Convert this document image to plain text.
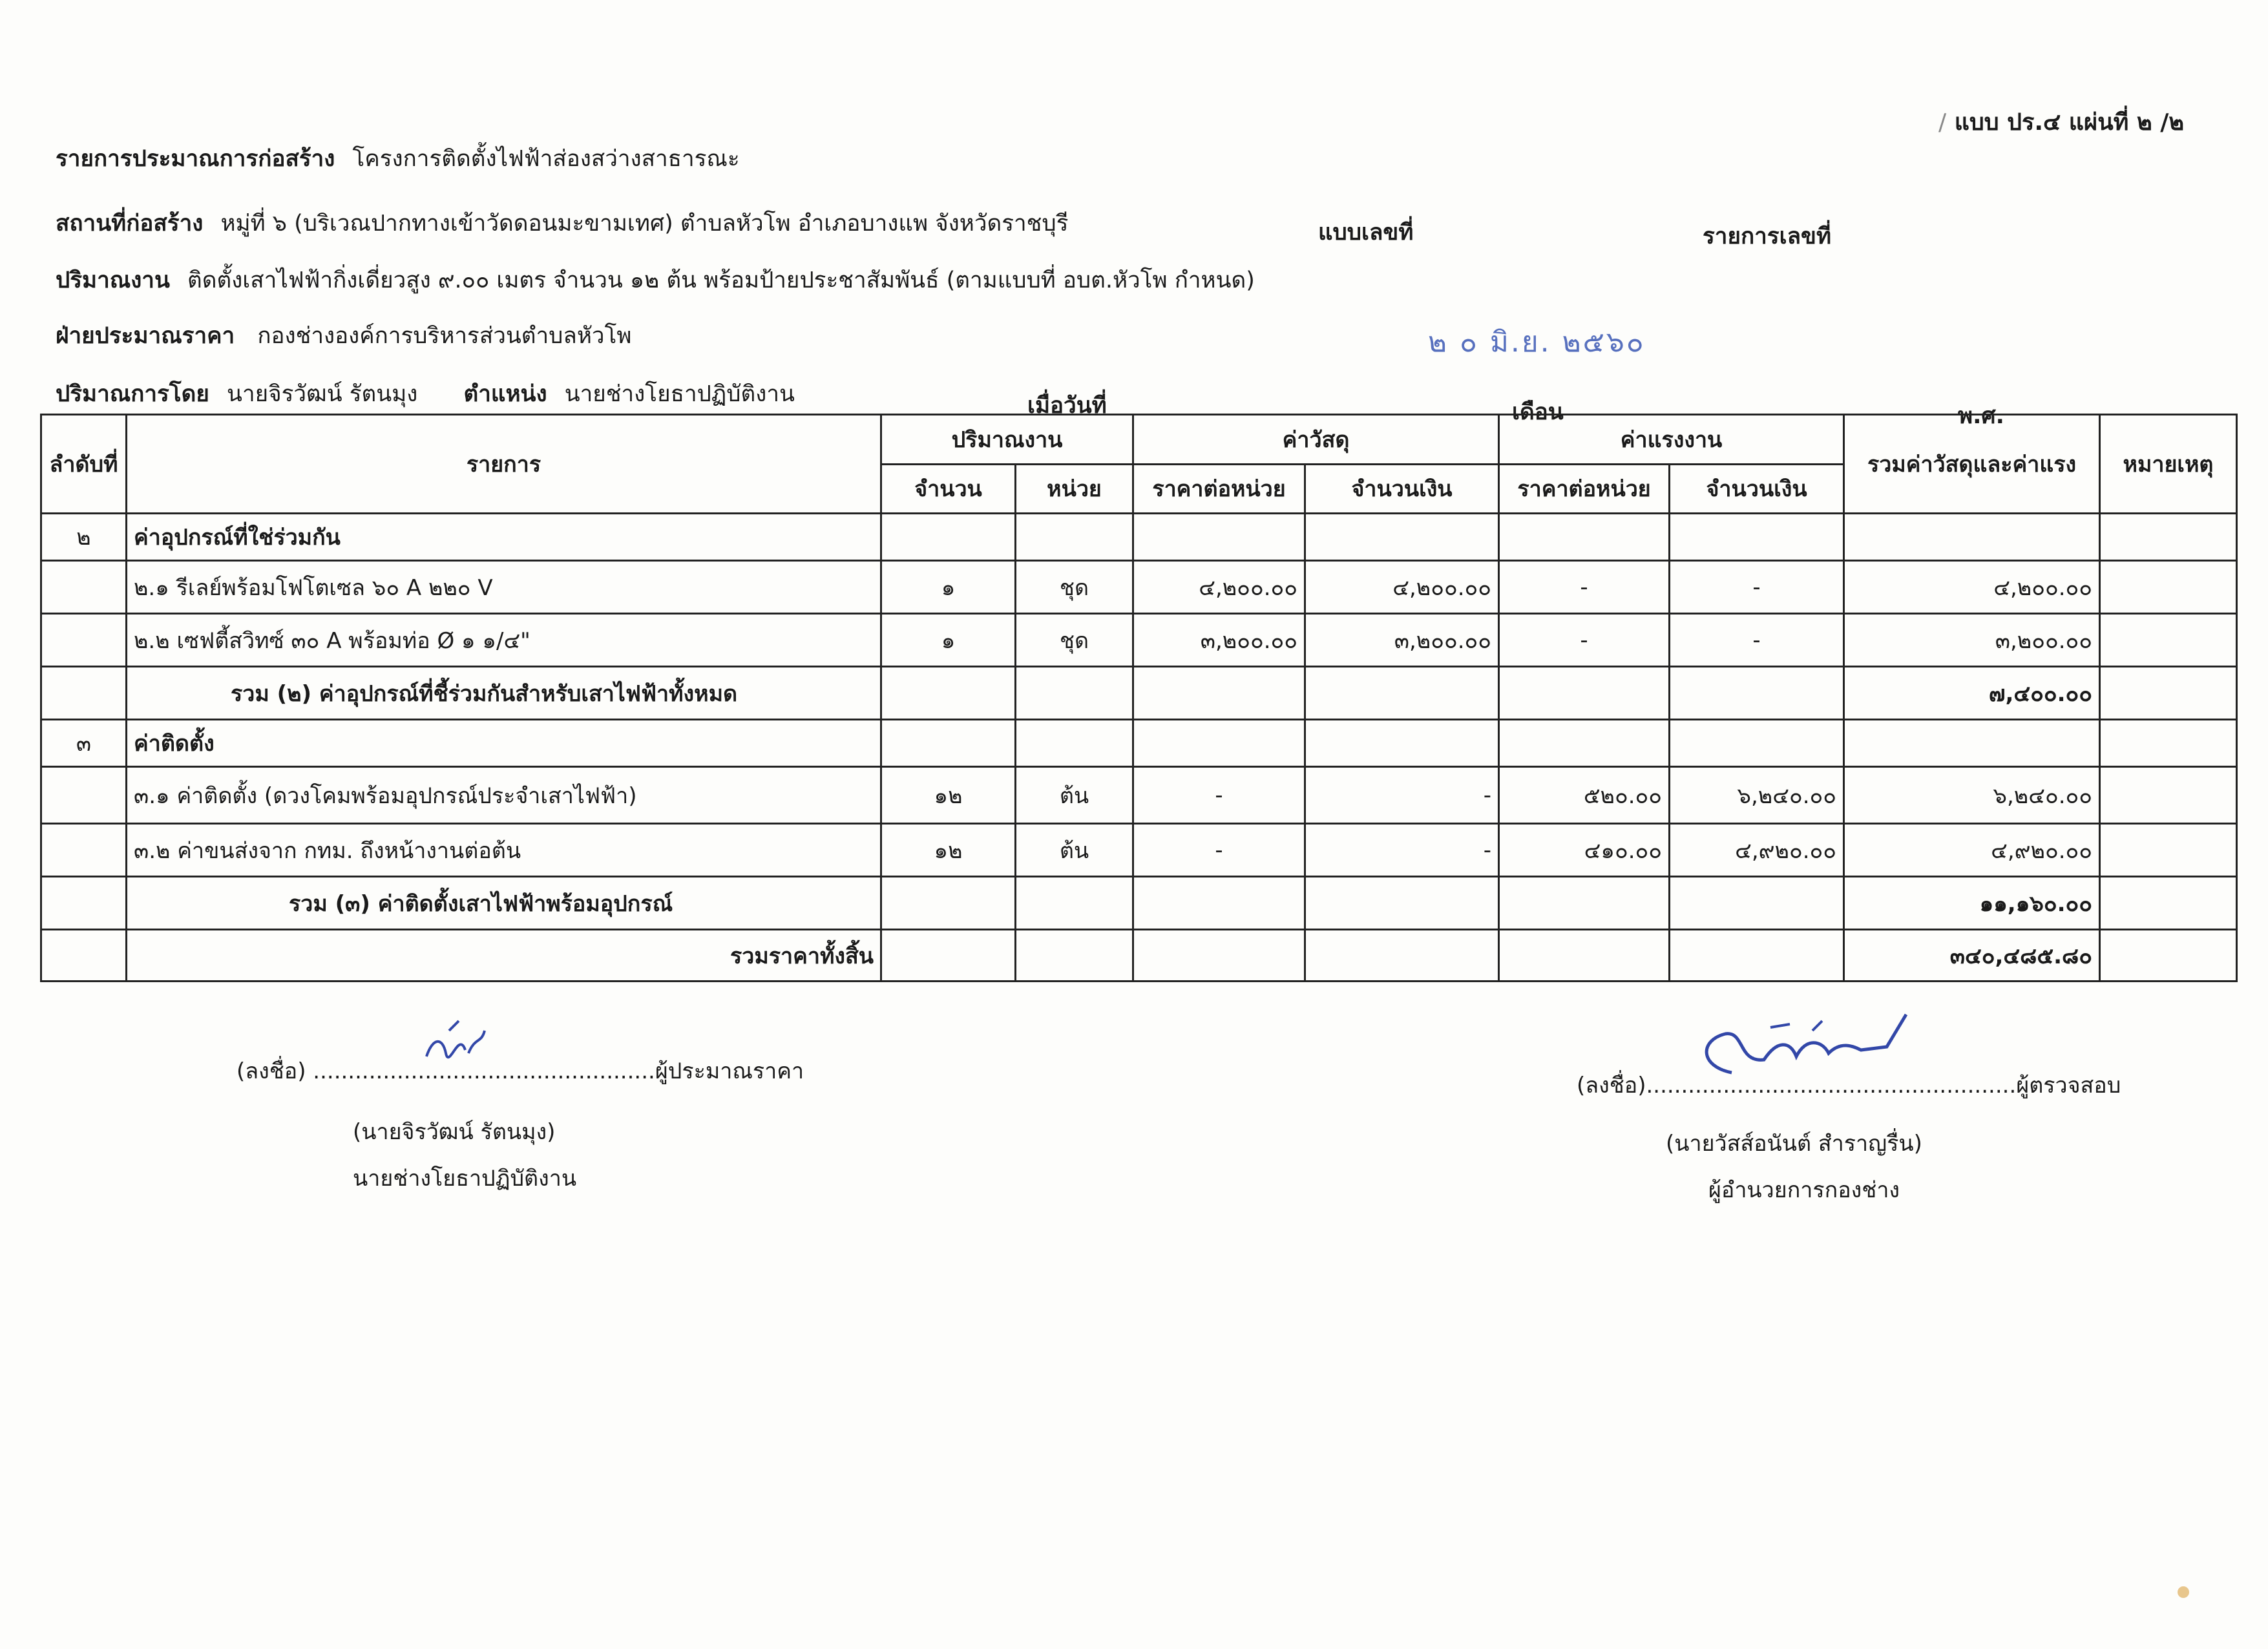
/ แบบ ปร.๔ แผ่นที่ ๒ /๒
รายการประมาณการก่อสร้าง โครงการติดตั้งไฟฟ้าส่องสว่างสาธารณะ
สถานที่ก่อสร้าง หมู่ที่ ๖ (บริเวณปากทางเข้าวัดดอนมะขามเทศ) ตำบลหัวโพ อำเภอบางแพ จังหวัดราชบุรี	แบบเลขที่	รายการเลขที่
ปริมาณงาน ติดตั้งเสาไฟฟ้ากิ่งเดี่ยวสูง ๙.๐๐ เมตร จำนวน ๑๒ ต้น พร้อมป้ายประชาสัมพันธ์ (ตามแบบที่ อบต.หัวโพ กำหนด)
ฝ่ายประมาณราคา กองช่างองค์การบริหารส่วนตำบลหัวโพ	๒ ๐ มิ.ย. ๒๕๖๐
ปริมาณการโดย นายจิรวัฒน์ รัตนมุง ตำแหน่ง นายช่างโยธาปฏิบัติงาน	เมื่อวันที่	เดือน	พ.ศ.
ลำดับที่	รายการ	ปริมาณงาน		ค่าวัสดุ		ค่าแรงงาน		รวมค่าวัสดุและค่าแรง	หมายเหตุ
		จำนวน	หน่วย	ราคาต่อหน่วย	จำนวนเงิน	ราคาต่อหน่วย	จำนวนเงิน		
๒	ค่าอุปกรณ์ที่ใช่ร่วมกัน								
	๒.๑ รีเลย์พร้อมโฟโตเซล ๖๐ A ๒๒๐ V	๑	ชุด	๔,๒๐๐.๐๐	๔,๒๐๐.๐๐	-	-	๔,๒๐๐.๐๐	
	๒.๒ เซฟตี้สวิทซ์ ๓๐ A พร้อมท่อ Ø ๑ ๑/๔"	๑	ชุด	๓,๒๐๐.๐๐	๓,๒๐๐.๐๐	-	-	๓,๒๐๐.๐๐	
	รวม (๒) ค่าอุปกรณ์ที่ชี้ร่วมกันสำหรับเสาไฟฟ้าทั้งหมด							๗,๔๐๐.๐๐	
๓	ค่าติดตั้ง								
	๓.๑ ค่าติดตั้ง (ดวงโคมพร้อมอุปกรณ์ประจำเสาไฟฟ้า)	๑๒	ต้น	-	-	๕๒๐.๐๐	๖,๒๔๐.๐๐	๖,๒๔๐.๐๐	
	๓.๒ ค่าขนส่งจาก กทม. ถึงหน้างานต่อต้น	๑๒	ต้น	-	-	๔๑๐.๐๐	๔,๙๒๐.๐๐	๔,๙๒๐.๐๐	
	รวม (๓) ค่าติดตั้งเสาไฟฟ้าพร้อมอุปกรณ์							๑๑,๑๖๐.๐๐	
	รวมราคาทั้งสิ้น							๓๔๐,๔๘๕.๘๐	
(ลงชื่อ) .................................................ผู้ประมาณราคา
(นายจิรวัฒน์ รัตนมุง)
นายช่างโยธาปฏิบัติงาน
(ลงชื่อ).....................................................ผู้ตรวจสอบ
(นายวัสส์อนันต์ สำราญรื่น)
ผู้อำนวยการกองช่าง
